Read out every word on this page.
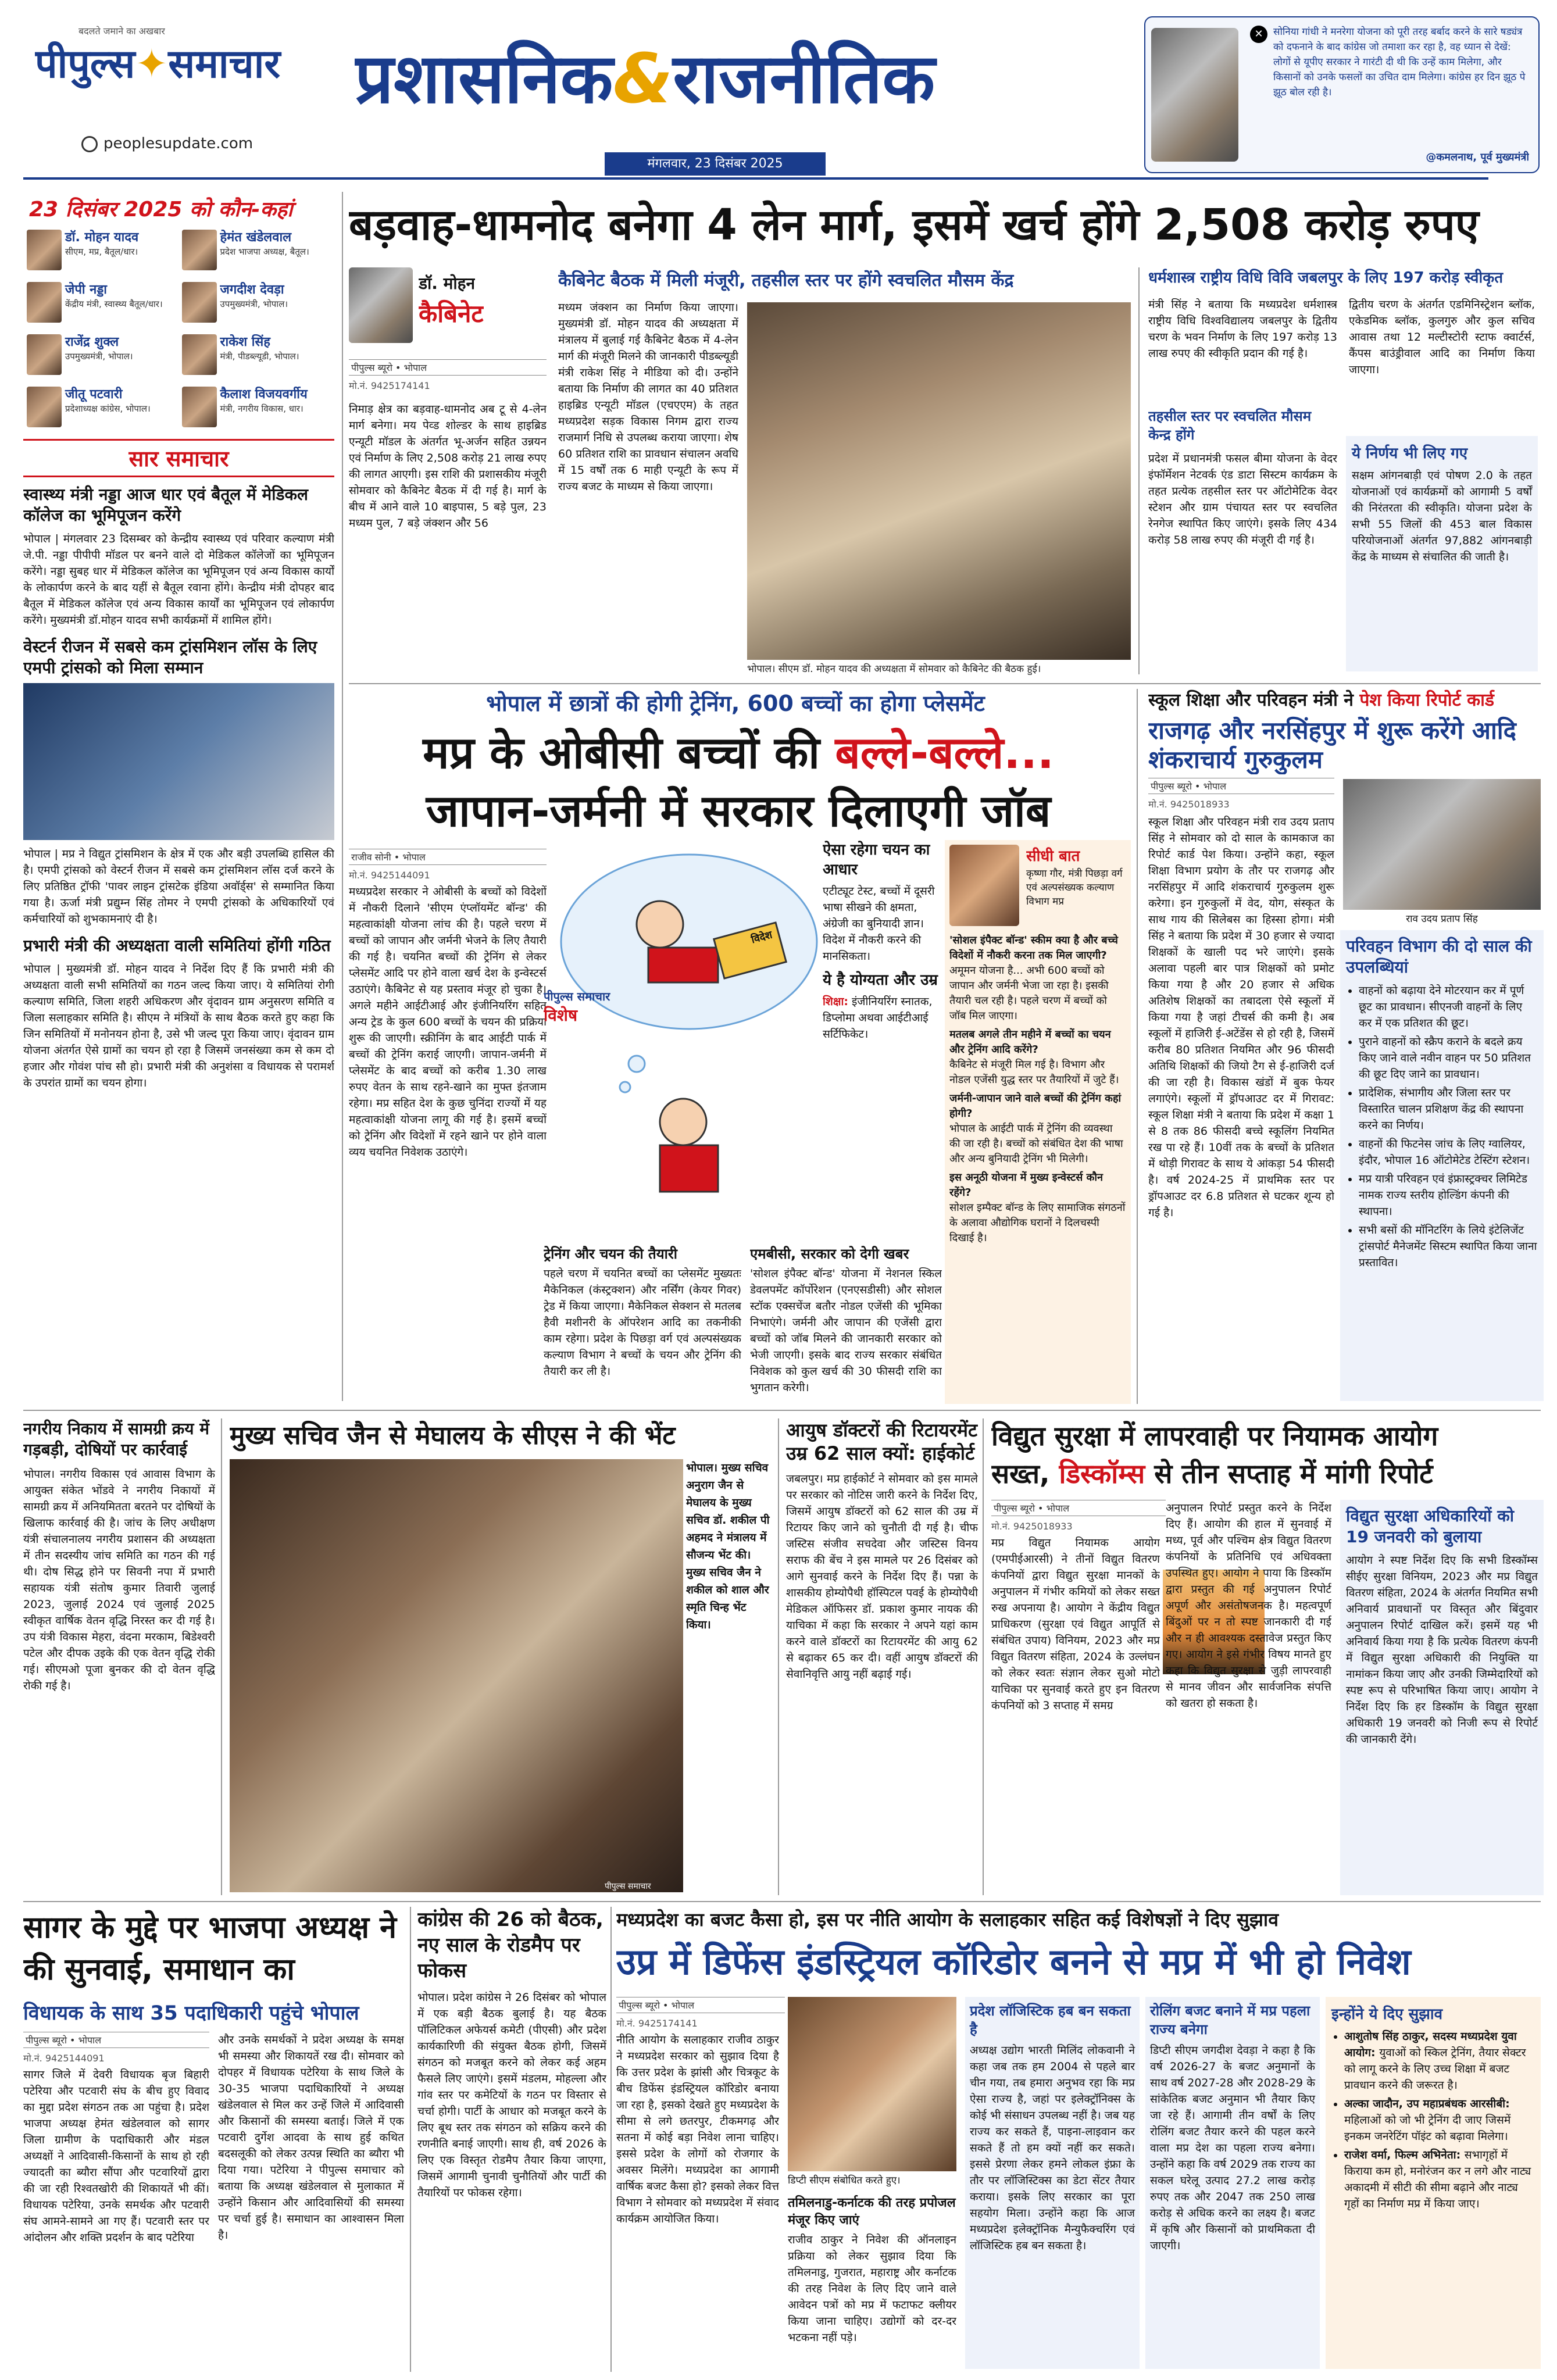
बदलते जमाने का अखबार
पीपुल्स✦समाचार
peoplesupdate.com
प्रशासनिक&राजनीतिक
मंगलवार, 23 दिसंबर 2025
✕	सोनिया गांधी ने मनरेगा योजना को पूरी तरह बर्बाद करने के सारे षड्यंत्र को दफनाने के बाद कांग्रेस जो तमाशा कर रहा है, वह ध्यान से देखें: लोगों से यूपीए सरकार ने गारंटी दी थी कि उन्हें काम मिलेगा, और किसानों को उनके फसलों का उचित दाम मिलेगा। कांग्रेस हर दिन झूठ पे झूठ बोल रही है।
@कमलनाथ, पूर्व मुख्यमंत्री
23 दिसंबर 2025 को कौन-कहां
डॉ. मोहन यादव
सीएम, मप्र, बैतूल/धार।
हेमंत खंडेलवाल
प्रदेश भाजपा अध्यक्ष, बैतूल।
जेपी नड्डा
केंद्रीय मंत्री, स्वास्थ्य बैतूल/धार।
जगदीश देवड़ा
उपमुख्यमंत्री, भोपाल।
राजेंद्र शुक्ल
उपमुख्यमंत्री, भोपाल।
राकेश सिंह
मंत्री, पीडब्ल्यूडी, भोपाल।
जीतू पटवारी
प्रदेशाध्यक्ष कांग्रेस, भोपाल।
कैलाश विजयवर्गीय
मंत्री, नगरीय विकास, धार।
सार समाचार
स्वास्थ्य मंत्री नड्डा आज धार एवं बैतूल में मेडिकल कॉलेज का भूमिपूजन करेंगे
भोपाल | मंगलवार 23 दिसम्बर को केन्द्रीय स्वास्थ्य एवं परिवार कल्याण मंत्री जे.पी. नड्डा पीपीपी मॉडल पर बनने वाले दो मेडिकल कॉलेजों का भूमिपूजन करेंगे। नड्डा सुबह धार में मेडिकल कॉलेज का भूमिपूजन एवं अन्य विकास कार्यों के लोकार्पण करने के बाद यहीं से बैतूल रवाना होंगे। केन्द्रीय मंत्री दोपहर बाद बैतूल में मेडिकल कॉलेज एवं अन्य विकास कार्यों का भूमिपूजन एवं लोकार्पण करेंगे। मुख्यमंत्री डॉ.मोहन यादव सभी कार्यक्रमों में शामिल होंगे।
वेस्टर्न रीजन में सबसे कम ट्रांसमिशन लॉस के लिए एमपी ट्रांसको को मिला सम्मान
भोपाल | मप्र ने विद्युत ट्रांसमिशन के क्षेत्र में एक और बड़ी उपलब्धि हासिल की है। एमपी ट्रांसको को वेस्टर्न रीजन में सबसे कम ट्रांसमिशन लॉस दर्ज करने के लिए प्रतिष्ठित ट्रॉफी 'पावर लाइन ट्रांसटेक इंडिया अवॉर्ड्स' से सम्मानित किया गया है। ऊर्जा मंत्री प्रद्युम्न सिंह तोमर ने एमपी ट्रांसको के अधिकारियों एवं कर्मचारियों को शुभकामनाएं दी है।
प्रभारी मंत्री की अध्यक्षता वाली समितियां होंगी गठित
भोपाल | मुख्यमंत्री डॉ. मोहन यादव ने निर्देश दिए हैं कि प्रभारी मंत्री की अध्यक्षता वाली सभी समितियों का गठन जल्द किया जाए। ये समितियां रोगी कल्याण समिति, जिला शहरी अधिकरण और वृंदावन ग्राम अनुसरण समिति व जिला सलाहकार समिति है। सीएम ने मंत्रियों के साथ बैठक करते हुए कहा कि जिन समितियों में मनोनयन होना है, उसे भी जल्द पूरा किया जाए। वृंदावन ग्राम योजना अंतर्गत ऐसे ग्रामों का चयन हो रहा है जिसमें जनसंख्या कम से कम दो हजार और गोवंश पांच सौ हो। प्रभारी मंत्री की अनुशंसा व विधायक से परामर्श के उपरांत ग्रामों का चयन होगा।
बड़वाह-धामनोद बनेगा 4 लेन मार्ग, इसमें खर्च होंगे 2,508 करोड़ रुपए
डॉ. मोहन
कैबिनेट
कैबिनेट बैठक में मिली मंजूरी, तहसील स्तर पर होंगे स्वचलित मौसम केंद्र
पीपुल्स ब्यूरो • भोपाल
मो.नं. 9425174141
निमाड़ क्षेत्र का बड़वाह-धामनोद अब टू से 4-लेन मार्ग बनेगा। मय पेव्ड शोल्डर के साथ हाइब्रिड एन्यूटी मॉडल के अंतर्गत भू-अर्जन सहित उन्नयन एवं निर्माण के लिए 2,508 करोड़ 21 लाख रुपए की लागत आएगी। इस राशि की प्रशासकीय मंजूरी सोमवार को कैबिनेट बैठक में दी गई है। मार्ग के बीच में आने वाले 10 बाइपास, 5 बड़े पुल, 23 मध्यम पुल, 7 बड़े जंक्शन और 56
मध्यम जंक्शन का निर्माण किया जाएगा। मुख्यमंत्री डॉ. मोहन यादव की अध्यक्षता में मंत्रालय में बुलाई गई कैबिनेट बैठक में 4-लेन मार्ग की मंजूरी मिलने की जानकारी पीडब्ल्यूडी मंत्री राकेश सिंह ने मीडिया को दी। उन्होंने बताया कि निर्माण की लागत का 40 प्रतिशत हाइब्रिड एन्यूटी मॉडल (एचएएम) के तहत मध्यप्रदेश सड़क विकास निगम द्वारा राज्य राजमार्ग निधि से उपलब्ध कराया जाएगा। शेष 60 प्रतिशत राशि का प्रावधान संचालन अवधि में 15 वर्षों तक 6 माही एन्यूटी के रूप में राज्य बजट के माध्यम से किया जाएगा।
भोपाल। सीएम डॉ. मोहन यादव की अध्यक्षता में सोमवार को कैबिनेट की बैठक हुई।
धर्मशास्त्र राष्ट्रीय विधि विवि जबलपुर के लिए 197 करोड़ स्वीकृत
मंत्री सिंह ने बताया कि मध्यप्रदेश धर्मशास्त्र राष्ट्रीय विधि विश्वविद्यालय जबलपुर के द्वितीय चरण के भवन निर्माण के लिए 197 करोड़ 13 लाख रुपए की स्वीकृति प्रदान की गई है।
द्वितीय चरण के अंतर्गत एडमिनिस्ट्रेशन ब्लॉक, एकेडमिक ब्लॉक, कुलगुरु और कुल सचिव आवास तथा 12 मल्टीस्टोरी स्टाफ क्वार्टर्स, कैंपस बाउंड्रीवाल आदि का निर्माण किया जाएगा।
तहसील स्तर पर स्वचलित मौसम केन्द्र होंगे
प्रदेश में प्रधानमंत्री फसल बीमा योजना के वेदर इंफॉर्मेशन नेटवर्क एंड डाटा सिस्टम कार्यक्रम के तहत प्रत्येक तहसील स्तर पर ऑटोमेटिक वेदर स्टेशन और ग्राम पंचायत स्तर पर स्वचलित रेनगेज स्थापित किए जाएंगे। इसके लिए 434 करोड़ 58 लाख रुपए की मंजूरी दी गई है।
ये निर्णय भी लिए गए
सक्षम आंगनबाड़ी एवं पोषण 2.0 के तहत योजनाओं एवं कार्यक्रमों को आगामी 5 वर्षों की निरंतरता की स्वीकृति। योजना प्रदेश के सभी 55 जिलों की 453 बाल विकास परियोजनाओं अंतर्गत 97,882 आंगनबाड़ी केंद्र के माध्यम से संचालित की जाती है।
भोपाल में छात्रों की होगी ट्रेनिंग, 600 बच्चों का होगा प्लेसमेंट
मप्र के ओबीसी बच्चों की बल्ले-बल्ले...
जापान-जर्मनी में सरकार दिलाएगी जॉब
राजीव सोनी • भोपाल
मो.नं. 9425144091
मध्यप्रदेश सरकार ने ओबीसी के बच्चों को विदेशों में नौकरी दिलाने 'सीएम एंप्लॉयमेंट बॉन्ड' की महत्वाकांक्षी योजना लांच की है। पहले चरण में बच्चों को जापान और जर्मनी भेजने के लिए तैयारी की गई है। चयनित बच्चों की ट्रेनिंग से लेकर प्लेसमेंट आदि पर होने वाला खर्च देश के इन्वेस्टर्स उठाएंगे। कैबिनेट से यह प्रस्ताव मंजूर हो चुका है। अगले महीने आईटीआई और इंजीनियरिंग सहित अन्य ट्रेड के कुल 600 बच्चों के चयन की प्रक्रिया शुरू की जाएगी। स्क्रीनिंग के बाद आईटी पार्क में बच्चों की ट्रेनिंग कराई जाएगी। जापान-जर्मनी में प्लेसमेंट के बाद बच्चों को करीब 1.30 लाख रुपए वेतन के साथ रहने-खाने का मुफ्त इंतजाम रहेगा। मप्र सहित देश के कुछ चुनिंदा राज्यों में यह महत्वाकांक्षी योजना लागू की गई है। इसमें बच्चों को ट्रेनिंग और विदेशों में रहने खाने पर होने वाला व्यय चयनित निवेशक उठाएंगे।
विदेश
पीपुल्स समाचार
विशेष
ऐसा रहेगा चयन का आधार
एटीट्यूट टेस्ट, बच्चों में दूसरी भाषा सीखने की क्षमता, अंग्रेजी का बुनियादी ज्ञान। विदेश में नौकरी करने की मानसिकता।
ये है योग्यता और उम्र
शिक्षा: इंजीनियरिंग स्नातक, डिप्लोमा अथवा आईटीआई सर्टिफिकेट।
ट्रेनिंग और चयन की तैयारी
पहले चरण में चयनित बच्चों का प्लेसमेंट मुख्यतः मैकेनिकल (कंस्ट्रक्शन) और नर्सिंग (केयर गिवर) ट्रेड में किया जाएगा। मैकेनिकल सेक्शन से मतलब हैवी मशीनरी के ऑपरेशन आदि का तकनीकी काम रहेगा। प्रदेश के पिछड़ा वर्ग एवं अल्पसंख्यक कल्याण विभाग ने बच्चों के चयन और ट्रेनिंग की तैयारी कर ली है।
एमबीसी, सरकार को देगी खबर
'सोशल इंपैक्ट बॉन्ड' योजना में नेशनल स्किल डेवलपमेंट कॉर्पोरेशन (एनएसडीसी) और सोशल स्टॉक एक्सचेंज बतौर नोडल एजेंसी की भूमिका निभाएंगे। जर्मनी और जापान की एजेंसी द्वारा बच्चों को जॉब मिलने की जानकारी सरकार को भेजी जाएगी। इसके बाद राज्य सरकार संबंधित निवेशक को कुल खर्च की 30 फीसदी राशि का भुगतान करेगी।
सीधी बात
कृष्णा गौर, मंत्री पिछड़ा वर्ग एवं अल्पसंख्यक कल्याण विभाग मप्र
'सोशल इंपैक्ट बॉन्ड' स्कीम क्या है और बच्चे विदेशों में नौकरी करना तक मिल जाएगी?
अमूमन योजना है... अभी 600 बच्चों को जापान और जर्मनी भेजा जा रहा है। इसकी तैयारी चल रही है। पहले चरण में बच्चों को जॉब मिल जाएगा।
मतलब अगले तीन महीने में बच्चों का चयन और ट्रेनिंग आदि करेंगे?
कैबिनेट से मंजूरी मिल गई है। विभाग और नोडल एजेंसी युद्ध स्तर पर तैयारियों में जुटे हैं।
जर्मनी-जापान जाने वाले बच्चों की ट्रेनिंग कहां होगी?
भोपाल के आईटी पार्क में ट्रेनिंग की व्यवस्था की जा रही है। बच्चों को संबंधित देश की भाषा और अन्य बुनियादी ट्रेनिंग भी मिलेगी।
इस अनूठी योजना में मुख्य इन्वेस्टर्स कौन रहेंगे?
सोशल इम्पैक्ट बॉन्ड के लिए सामाजिक संगठनों के अलावा औद्योगिक घरानों ने दिलचस्पी दिखाई है।
स्कूल शिक्षा और परिवहन मंत्री ने पेश किया रिपोर्ट कार्ड
राजगढ़ और नरसिंहपुर में शुरू करेंगे आदि शंकराचार्य गुरुकुलम
पीपुल्स ब्यूरो • भोपाल
मो.नं. 9425018933
राव उदय प्रताप सिंह
स्कूल शिक्षा और परिवहन मंत्री राव उदय प्रताप सिंह ने सोमवार को दो साल के कामकाज का रिपोर्ट कार्ड पेश किया। उन्होंने कहा, स्कूल शिक्षा विभाग प्रयोग के तौर पर राजगढ़ और नरसिंहपुर में आदि शंकराचार्य गुरुकुलम शुरू करेगा। इन गुरुकुलों में वेद, योग, संस्कृत के साथ गाय की सिलेबस का हिस्सा होगा। मंत्री सिंह ने बताया कि प्रदेश में 30 हजार से ज्यादा शिक्षकों के खाली पद भरे जाएंगे। इसके अलावा पहली बार पात्र शिक्षकों को प्रमोट किया गया है और 20 हजार से अधिक अतिशेष शिक्षकों का तबादला ऐसे स्कूलों में किया गया है जहां टीचर्स की कमी है। अब स्कूलों में हाजिरी ई-अटेंडेंस से हो रही है, जिसमें करीब 80 प्रतिशत नियमित और 96 फीसदी अतिथि शिक्षकों की जियो टैग से ई-हाजिरी दर्ज की जा रही है। विकास खंडों में बुक फेयर लगाएंगे। स्कूलों में ड्रॉपआउट दर में गिरावट: स्कूल शिक्षा मंत्री ने बताया कि प्रदेश में कक्षा 1 से 8 तक 86 फीसदी बच्चे स्कूलिंग नियमित रख पा रहे हैं। 10वीं तक के बच्चों के प्रतिशत में थोड़ी गिरावट के साथ ये आंकड़ा 54 फीसदी है। वर्ष 2024-25 में प्राथमिक स्तर पर ड्रॉपआउट दर 6.8 प्रतिशत से घटकर शून्य हो गई है।
परिवहन विभाग की दो साल की उपलब्धियां
• वाहनों को बढ़ाया देने मोटरयान कर में पूर्ण छूट का प्रावधान। सीएनजी वाहनों के लिए कर में एक प्रतिशत की छूट।
• पुराने वाहनों को स्क्रैप कराने के बदले क्रय किए जाने वाले नवीन वाहन पर 50 प्रतिशत की छूट दिए जाने का प्रावधान।
• प्रादेशिक, संभागीय और जिला स्तर पर विस्तारित चालन प्रशिक्षण केंद्र की स्थापना करने का निर्णय।
• वाहनों की फिटनेस जांच के लिए ग्वालियर, इंदौर, भोपाल 16 ऑटोमेटेड टेस्टिंग स्टेशन।
• मप्र यात्री परिवहन एवं इंफ्रास्ट्रक्चर लिमिटेड नामक राज्य स्तरीय होल्डिंग कंपनी की स्थापना।
• सभी बसों की मॉनिटरिंग के लिये इंटेलिजेंट ट्रांसपोर्ट मैनेजमेंट सिस्टम स्थापित किया जाना प्रस्तावित।
नगरीय निकाय में सामग्री क्रय में गड़बड़ी, दोषियों पर कार्रवाई
भोपाल। नगरीय विकास एवं आवास विभाग के आयुक्त संकेत भोंडवे ने नगरीय निकायों में सामग्री क्रय में अनियमितता बरतने पर दोषियों के खिलाफ कार्रवाई की है। जांच के लिए अधीक्षण यंत्री संचालनालय नगरीय प्रशासन की अध्यक्षता में तीन सदस्यीय जांच समिति का गठन की गई थी। दोष सिद्ध होने पर सिवनी नपा में प्रभारी सहायक यंत्री संतोष कुमार तिवारी जुलाई 2023, जुलाई 2024 एवं जुलाई 2025 स्वीकृत वार्षिक वेतन वृद्धि निरस्त कर दी गई है। उप यंत्री विकास मेहरा, वंदना मरकाम, बिडेश्वरी पटेल और दीपक उइके की एक वेतन वृद्धि रोकी गई। सीएमओ पूजा बुनकर की दो वेतन वृद्धि रोकी गई है।
मुख्य सचिव जैन से मेघालय के सीएस ने की भेंट
पीपुल्स समाचार
भोपाल। मुख्य सचिव अनुराग जैन से मेघालय के मुख्य सचिव डॉ. शकील पी अहमद ने मंत्रालय में सौजन्य भेंट की। मुख्य सचिव जैन ने शकील को शाल और स्मृति चिन्ह भेंट किया।
आयुष डॉक्टरों की रिटायरमेंट उम्र 62 साल क्यों: हाईकोर्ट
जबलपुर। मप्र हाईकोर्ट ने सोमवार को इस मामले पर सरकार को नोटिस जारी करने के निर्देश दिए, जिसमें आयुष डॉक्टरों को 62 साल की उम्र में रिटायर किए जाने को चुनौती दी गई है। चीफ जस्टिस संजीव सचदेवा और जस्टिस विनय सराफ की बेंच ने इस मामले पर 26 दिसंबर को आगे सुनवाई करने के निर्देश दिए हैं। पन्ना के शासकीय होम्योपैथी हॉस्पिटल पवई के होम्योपैथी मेडिकल ऑफिसर डॉ. प्रकाश कुमार नायक की याचिका में कहा कि सरकार ने अपने यहां काम करने वाले डॉक्टरों का रिटायरमेंट की आयु 62 से बढ़ाकर 65 कर दी। वहीं आयुष डॉक्टरों की सेवानिवृत्ति आयु नहीं बढ़ाई गई।
विद्युत सुरक्षा में लापरवाही पर नियामक आयोग
सख्त, डिस्कॉम्स से तीन सप्ताह में मांगी रिपोर्ट
पीपुल्स ब्यूरो • भोपाल
मो.नं. 9425018933
मप्र विद्युत नियामक आयोग (एमपीईआरसी) ने तीनों विद्युत वितरण कंपनियों द्वारा विद्युत सुरक्षा मानकों के अनुपालन में गंभीर कमियों को लेकर सख्त रुख अपनाया है। आयोग ने केंद्रीय विद्युत प्राधिकरण (सुरक्षा एवं विद्युत आपूर्ति से संबंधित उपाय) विनियम, 2023 और मप्र विद्युत वितरण संहिता, 2024 के उल्लंघन को लेकर स्वतः संज्ञान लेकर सुओ मोटो याचिका पर सुनवाई करते हुए इन वितरण कंपनियों को 3 सप्ताह में समग्र
अनुपालन रिपोर्ट प्रस्तुत करने के निर्देश दिए हैं। आयोग की हाल में सुनवाई में मध्य, पूर्व और पश्चिम क्षेत्र विद्युत वितरण कंपनियों के प्रतिनिधि एवं अधिवक्ता उपस्थित हुए। आयोग ने पाया कि डिस्कॉम द्वारा प्रस्तुत की गई अनुपालन रिपोर्ट अपूर्ण और असंतोषजनक है। महत्वपूर्ण बिंदुओं पर न तो स्पष्ट जानकारी दी गई और न ही आवश्यक दस्तावेज प्रस्तुत किए गए। आयोग ने इसे गंभीर विषय मानते हुए कहा कि विद्युत सुरक्षा से जुड़ी लापरवाही से मानव जीवन और सार्वजनिक संपत्ति को खतरा हो सकता है।
विद्युत सुरक्षा अधिकारियों को 19 जनवरी को बुलाया
आयोग ने स्पष्ट निर्देश दिए कि सभी डिस्कॉम्स सीईए सुरक्षा विनियम, 2023 और मप्र विद्युत वितरण संहिता, 2024 के अंतर्गत नियमित सभी अनिवार्य प्रावधानों पर विस्तृत और बिंदुवार अनुपालन रिपोर्ट दाखिल करें। इसमें यह भी अनिवार्य किया गया है कि प्रत्येक वितरण कंपनी में विद्युत सुरक्षा अधिकारी की नियुक्ति या नामांकन किया जाए और उनकी जिम्मेदारियों को स्पष्ट रूप से परिभाषित किया जाए। आयोग ने निर्देश दिए कि हर डिस्कॉम के विद्युत सुरक्षा अधिकारी 19 जनवरी को निजी रूप से रिपोर्ट की जानकारी देंगे।
सागर के मुद्दे पर भाजपा अध्यक्ष ने की सुनवाई, समाधान का
विधायक के साथ 35 पदाधिकारी पहुंचे भोपाल
पीपुल्स ब्यूरो • भोपाल
मो.नं. 9425144091
सागर जिले में देवरी विधायक बृज बिहारी पटेरिया और पटवारी संघ के बीच हुए विवाद का मुद्दा प्रदेश संगठन तक आ पहुंचा है। प्रदेश भाजपा अध्यक्ष हेमंत खंडेलवाल को सागर जिला ग्रामीण के पदाधिकारी और मंडल अध्यक्षों ने आदिवासी-किसानों के साथ हो रही ज्यादती का ब्यौरा सौंपा और पटवारियों द्वारा की जा रही रिश्वतखोरी की शिकायतें भी कीं। विधायक पटेरिया, उनके समर्थक और पटवारी संघ आमने-सामने आ गए हैं। पटवारी स्तर पर आंदोलन और शक्ति प्रदर्शन के बाद पटेरिया
और उनके समर्थकों ने प्रदेश अध्यक्ष के समक्ष भी समस्या और शिकायतें रख दी। सोमवार को दोपहर में विधायक पटेरिया के साथ जिले के 30-35 भाजपा पदाधिकारियों ने अध्यक्ष खंडेलवाल से मिल कर उन्हें जिले में आदिवासी और किसानों की समस्या बताई। जिले में एक पटवारी दुर्गेश आदवा के साथ हुई कथित बदसलूकी को लेकर उत्पन्न स्थिति का ब्यौरा भी दिया गया। पटेरिया ने पीपुल्स समाचार को बताया कि अध्यक्ष खंडेलवाल से मुलाकात में उन्होंने किसान और आदिवासियों की समस्या पर चर्चा हुई है। समाधान का आश्वासन मिला है।
कांग्रेस की 26 को बैठक, नए साल के रोडमैप पर फोकस
भोपाल। प्रदेश कांग्रेस ने 26 दिसंबर को भोपाल में एक बड़ी बैठक बुलाई है। यह बैठक पॉलिटिकल अफेयर्स कमेटी (पीएसी) और प्रदेश कार्यकारिणी की संयुक्त बैठक होगी, जिसमें संगठन को मजबूत करने को लेकर कई अहम फैसले लिए जाएंगे। इसमें मंडलम, मोहल्ला और गांव स्तर पर कमेटियों के गठन पर विस्तार से चर्चा होगी। पार्टी के आधार को मजबूत करने के लिए बूथ स्तर तक संगठन को सक्रिय करने की रणनीति बनाई जाएगी। साथ ही, वर्ष 2026 के लिए एक विस्तृत रोडमैप तैयार किया जाएगा, जिसमें आगामी चुनावी चुनौतियों और पार्टी की तैयारियों पर फोकस रहेगा।
मध्यप्रदेश का बजट कैसा हो, इस पर नीति आयोग के सलाहकार सहित कई विशेषज्ञों ने दिए सुझाव
उप्र में डिफेंस इंडस्ट्रियल कॉरिडोर बनने से मप्र में भी हो निवेश
पीपुल्स ब्यूरो • भोपाल
मो.नं. 9425174141
नीति आयोग के सलाहकार राजीव ठाकुर ने मध्यप्रदेश सरकार को सुझाव दिया है कि उत्तर प्रदेश के झांसी और चित्रकूट के बीच डिफेंस इंडस्ट्रियल कॉरिडोर बनाया जा रहा है, इसको देखते हुए मध्यप्रदेश के सीमा से लगे छतरपुर, टीकमगढ़ और सतना में कोई बड़ा निवेश लाना चाहिए। इससे प्रदेश के लोगों को रोजगार के अवसर मिलेंगे। मध्यप्रदेश का आगामी वार्षिक बजट कैसा हो? इसको लेकर वित्त विभाग ने सोमवार को मध्यप्रदेश में संवाद कार्यक्रम आयोजित किया।
डिप्टी सीएम संबोधित करते हुए।
तमिलनाडु-कर्नाटक की तरह प्रपोजल मंजूर किए जाएं
राजीव ठाकुर ने निवेश की ऑनलाइन प्रक्रिया को लेकर सुझाव दिया कि तमिलनाडु, गुजरात, महाराष्ट्र और कर्नाटक की तरह निवेश के लिए दिए जाने वाले आवेदन पत्रों को मप्र में फटाफट क्लीयर किया जाना चाहिए। उद्योगों को दर-दर भटकना नहीं पड़े।
प्रदेश लॉजिस्टिक हब बन सकता है
अध्यक्ष उद्योग भारती मिलिंद लोकवानी ने कहा जब तक हम 2004 से पहले बार चीन गया, तब हमारा अनुभव रहा कि मप्र ऐसा राज्य है, जहां पर इलेक्ट्रॉनिक्स के कोई भी संसाधन उपलब्ध नहीं है। जब यह राज्य कर सकते हैं, पाइना-लाइवान कर सकते हैं तो हम क्यों नहीं कर सकते। इससे प्रेरणा लेकर हमने लोकल इंफ्रा के तौर पर लॉजिस्टिक्स का डेटा सेंटर तैयार कराया। इसके लिए सरकार का पूरा सहयोग मिला। उन्होंने कहा कि आज मध्यप्रदेश इलेक्ट्रॉनिक मैन्युफैक्चरिंग एवं लॉजिस्टिक हब बन सकता है।
रोलिंग बजट बनाने में मप्र पहला राज्य बनेगा
डिप्टी सीएम जगदीश देवड़ा ने कहा है कि वर्ष 2026-27 के बजट अनुमानों के साथ वर्ष 2027-28 और 2028-29 के सांकेतिक बजट अनुमान भी तैयार किए जा रहे हैं। आगामी तीन वर्षों के लिए रोलिंग बजट तैयार करने की पहल करने वाला मप्र देश का पहला राज्य बनेगा। उन्होंने कहा कि वर्ष 2029 तक राज्य का सकल घरेलू उत्पाद 27.2 लाख करोड़ रुपए तक और 2047 तक 250 लाख करोड़ से अधिक करने का लक्ष्य है। बजट में कृषि और किसानों को प्राथमिकता दी जाएगी।
इन्होंने ये दिए सुझाव
• आशुतोष सिंह ठाकुर, सदस्य मध्यप्रदेश युवा आयोग: युवाओं को स्किल ट्रेनिंग, तैयार सेक्टर को लागू करने के लिए उच्च शिक्षा में बजट प्रावधान करने की जरूरत है।
• अल्का जादौन, उप महाप्रबंधक आरसीबी: महिलाओं को जो भी ट्रेनिंग दी जाए जिसमें इनकम जनरेटिंग पॉइंट को बढ़ावा मिलेगा।
• राजेश वर्मा, फिल्म अभिनेता: सभागृहों में किराया कम हो, मनोरंजन कर न लगे और नाट्य अकादमी में सीटी की सीमा बढ़ाने और नाट्य गृहों का निर्माण मप्र में किया जाए।
